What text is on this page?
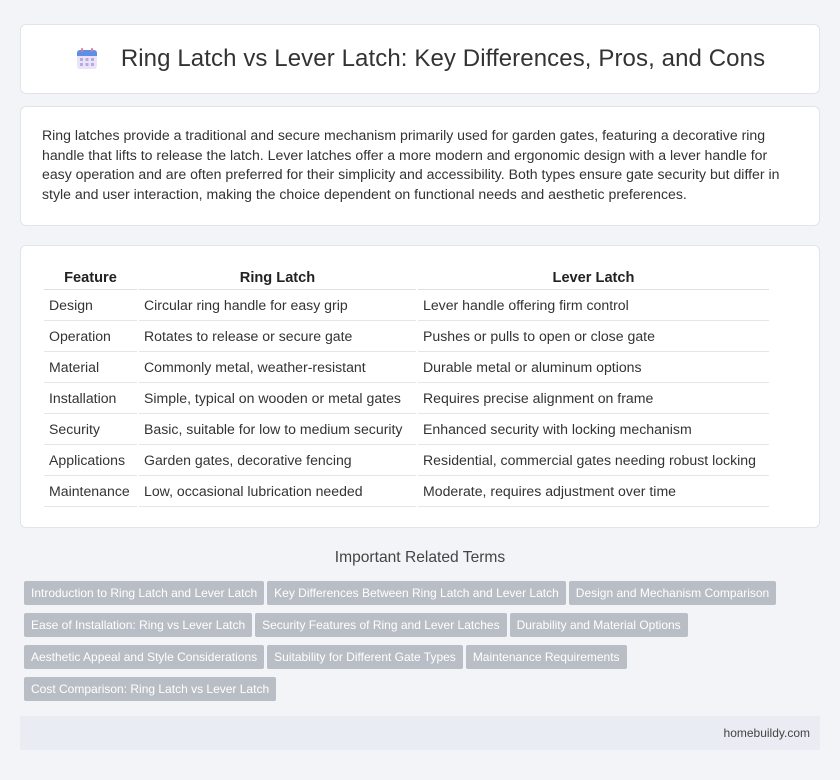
Ring Latch vs Lever Latch: Key Differences, Pros, and Cons

Ring latches provide a traditional and secure mechanism primarily used for garden gates, featuring a decorative ring handle that lifts to release the latch. Lever latches offer a more modern and ergonomic design with a lever handle for easy operation and are often preferred for their simplicity and accessibility. Both types ensure gate security but differ in style and user interaction, making the choice dependent on functional needs and aesthetic preferences.

Feature	Ring Latch	Lever Latch
Design	Circular ring handle for easy grip	Lever handle offering firm control
Operation	Rotates to release or secure gate	Pushes or pulls to open or close gate
Material	Commonly metal, weather-resistant	Durable metal or aluminum options
Installation	Simple, typical on wooden or metal gates	Requires precise alignment on frame
Security	Basic, suitable for low to medium security	Enhanced security with locking mechanism
Applications	Garden gates, decorative fencing	Residential, commercial gates needing robust locking
Maintenance	Low, occasional lubrication needed	Moderate, requires adjustment over time
Important Related Terms
Introduction to Ring Latch and Lever Latch Key Differences Between Ring Latch and Lever Latch Design and Mechanism Comparison
Ease of Installation: Ring vs Lever Latch Security Features of Ring and Lever Latches Durability and Material Options
Aesthetic Appeal and Style Considerations Suitability for Different Gate Types Maintenance Requirements
Cost Comparison: Ring Latch vs Lever Latch
homebuildy.com
